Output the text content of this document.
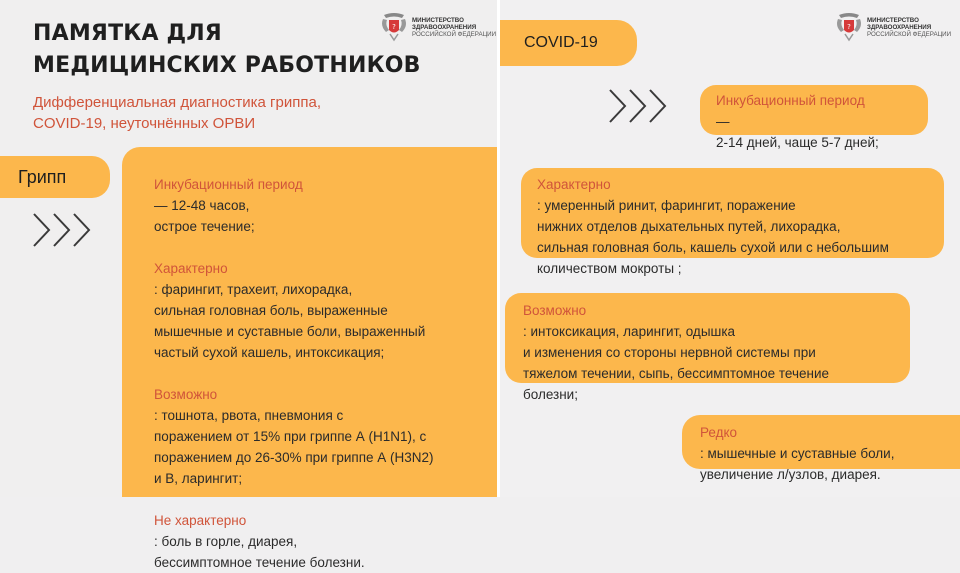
ПАМЯТКА ДЛЯ
МЕДИЦИНСКИХ РАБОТНИКОВ

Дифференциальная диагностика гриппа,
COVID-19, неуточнённых ОРВИ

?
МИНИСТЕРСТВО
ЗДРАВООХРАНЕНИЯ
РОССИЙСКОЙ ФЕДЕРАЦИИ
Грипп	Инкубационный период
— 12-48 часов,
острое течение;

Характерно
: фарингит, трахеит, лихорадка,
сильная головная боль, выраженные
мышечные и суставные боли, выраженный
частый сухой кашель, интоксикация;

Возможно
: тошнота, рвота, пневмония с
поражением от 15% при гриппе А (H1N1), с
поражением до 26-30% при гриппе А (H3N2)
и В, ларингит;

Не характерно
: боль в горле, диарея,
бессимптомное течение болезни.

COVID-19
?
МИНИСТЕРСТВО
ЗДРАВООХРАНЕНИЯ
РОССИЙСКОЙ ФЕДЕРАЦИИ
Инкубационный период
—
2-14 дней, чаще 5-7 дней;
Характерно
: умеренный ринит, фарингит, поражение
нижних отделов дыхательных путей, лихорадка,
сильная головная боль, кашель сухой или с небольшим
количеством мокроты ;
Возможно
: интоксикация, ларингит, одышка
и изменения со стороны нервной системы при
тяжелом течении, сыпь, бессимптомное течение
болезни;
Редко
: мышечные и суставные боли,
увеличение л/узлов, диарея.
